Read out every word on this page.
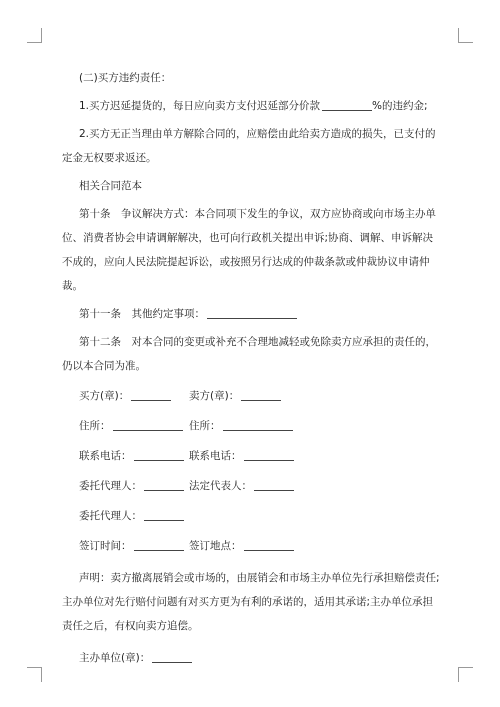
(二)买方违约责任：

1.买方迟延提货的，每日应向卖方支付迟延部分价款	%的违约金;

2.买方无正当理由单方解除合同的，应赔偿由此给卖方造成的损失，已支付的定金无权要求返还。

相关合同范本

第十条　争议解决方式：本合同项下发生的争议，双方应协商或向市场主办单位、消费者协会申请调解解决，也可向行政机关提出申诉;协商、调解、申诉解决不成的，应向人民法院提起诉讼，或按照另行达成的仲裁条款或仲裁协议申请仲裁。

第十一条　其他约定事项：

第十二条　对本合同的变更或补充不合理地减轻或免除卖方应承担的责任的，仍以本合同为准。

买方(章)：	卖方(章)：
住所：	住所：
联系电话：	联系电话：
委托代理人：	法定代表人：
委托代理人：
签订时间：	签订地点：

声明：卖方撤离展销会或市场的，由展销会和市场主办单位先行承担赔偿责任;主办单位对先行赔付问题有对买方更为有利的承诺的，适用其承诺;主办单位承担责任之后，有权向卖方追偿。

主办单位(章)：
